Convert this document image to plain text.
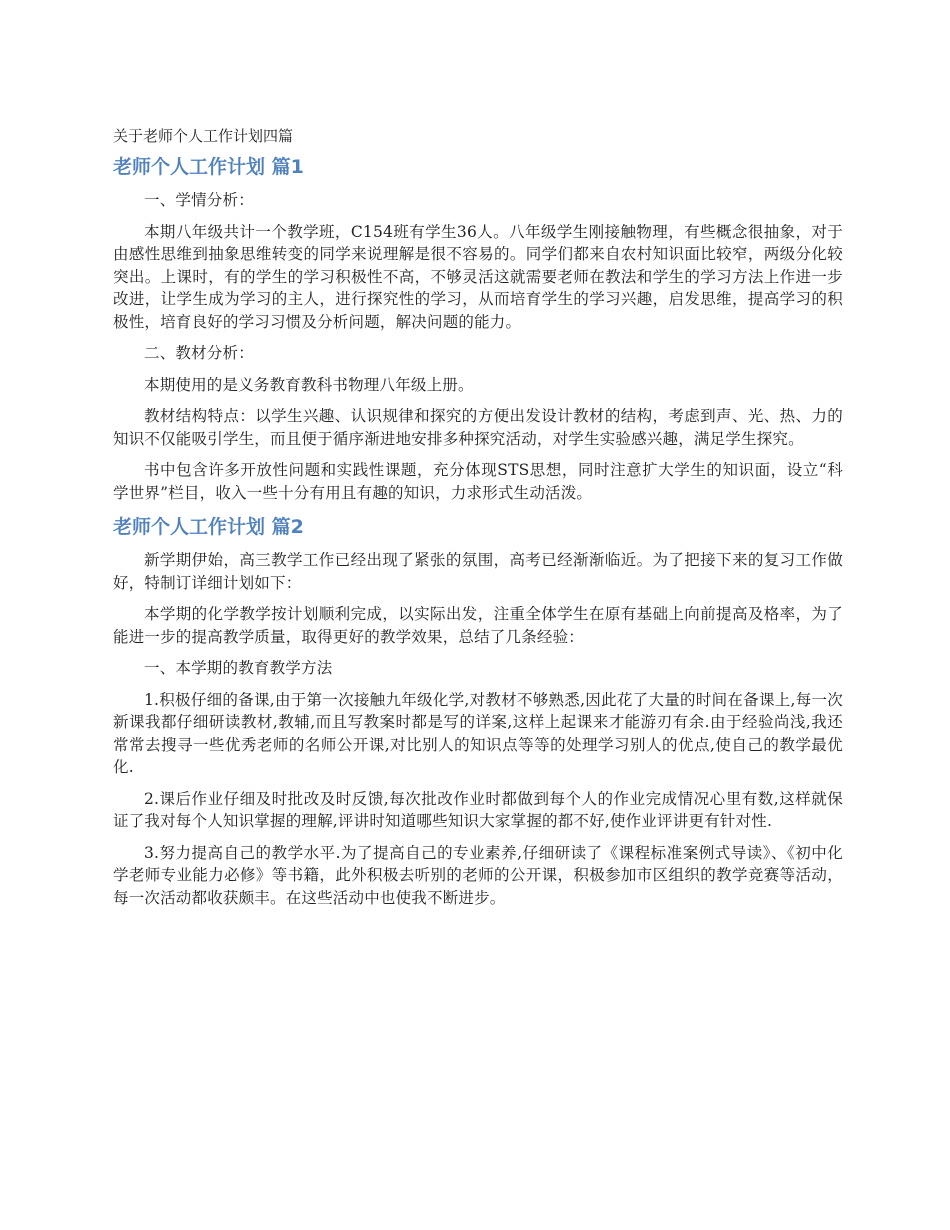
关于老师个人工作计划四篇
老师个人工作计划 篇1

一、学情分析：

本期八年级共计一个教学班，C154班有学生36人。八年级学生刚接触物理，有些概念很抽象，对于由感性思维到抽象思维转变的同学来说理解是很不容易的。同学们都来自农村知识面比较窄，两级分化较突出。上课时，有的学生的学习积极性不高，不够灵活这就需要老师在教法和学生的学习方法上作进一步改进，让学生成为学习的主人，进行探究性的学习，从而培育学生的学习兴趣，启发思维，提高学习的积极性，培育良好的学习习惯及分析问题，解决问题的能力。

二、教材分析：

本期使用的是义务教育教科书物理八年级上册。

教材结构特点：以学生兴趣、认识规律和探究的方便出发设计教材的结构，考虑到声、光、热、力的知识不仅能吸引学生，而且便于循序渐进地安排多种探究活动，对学生实验感兴趣，满足学生探究。

书中包含许多开放性问题和实践性课题，充分体现STS思想，同时注意扩大学生的知识面，设立“科学世界”栏目，收入一些十分有用且有趣的知识，力求形式生动活泼。

老师个人工作计划 篇2

新学期伊始，高三教学工作已经出现了紧张的氛围，高考已经渐渐临近。为了把接下来的复习工作做好，特制订详细计划如下：

本学期的化学教学按计划顺利完成，以实际出发，注重全体学生在原有基础上向前提高及格率，为了能进一步的提高教学质量，取得更好的教学效果，总结了几条经验：

一、本学期的教育教学方法

1.积极仔细的备课,由于第一次接触九年级化学,对教材不够熟悉,因此花了大量的时间在备课上,每一次新课我都仔细研读教材,教辅,而且写教案时都是写的详案,这样上起课来才能游刃有余.由于经验尚浅,我还常常去搜寻一些优秀老师的名师公开课,对比别人的知识点等等的处理学习别人的优点,使自己的教学最优化.

2.课后作业仔细及时批改及时反馈,每次批改作业时都做到每个人的作业完成情况心里有数,这样就保证了我对每个人知识掌握的理解,评讲时知道哪些知识大家掌握的都不好,使作业评讲更有针对性.

3.努力提高自己的教学水平.为了提高自己的专业素养,仔细研读了《课程标准案例式导读》、《初中化学老师专业能力必修》等书籍，此外积极去听别的老师的公开课，积极参加市区组织的教学竞赛等活动，每一次活动都收获颇丰。在这些活动中也使我不断进步。
